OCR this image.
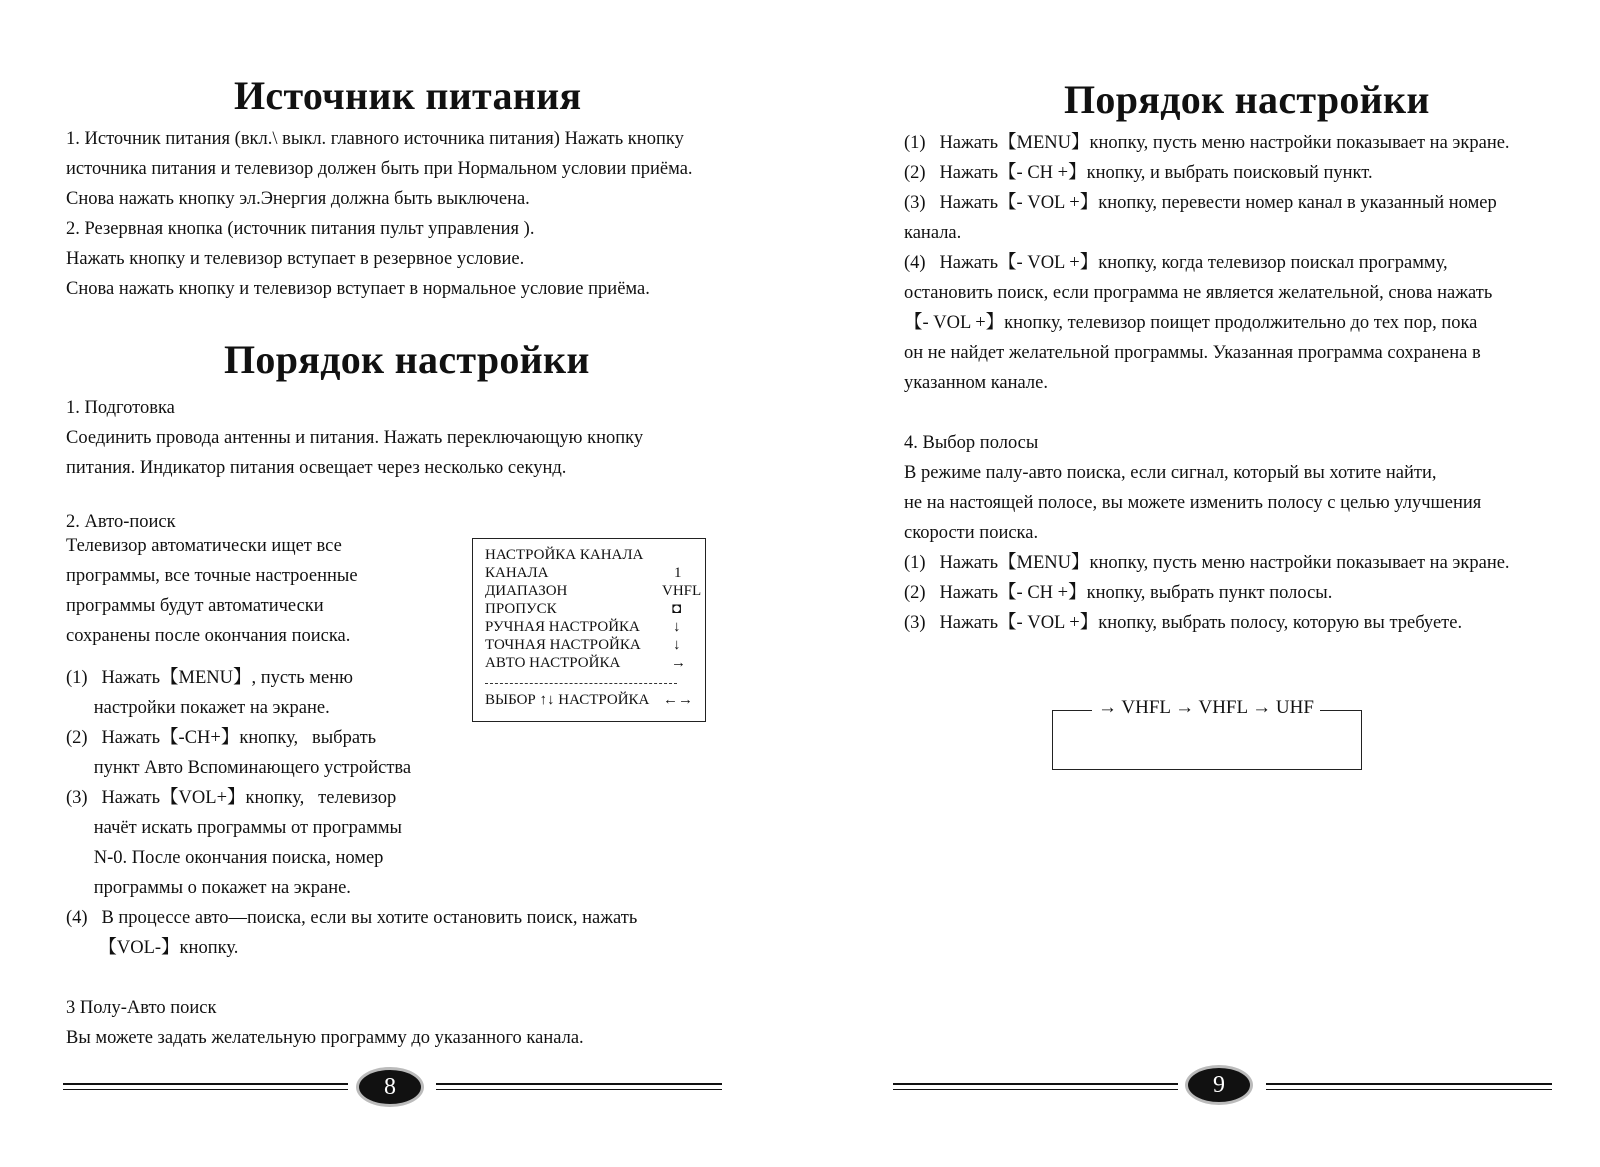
Источник питания
1. Источник питания (вкл.\ выкл. главного источника питания) Нажать кнопку
источника питания и телевизор должен быть при Нормальном условии приёма.
Снова нажать кнопку эл.Энергия должна быть выключена.
2. Резервная кнопка (источник питания пульт управления ).
Нажать кнопку и телевизор вступает в резервное условие.
Снова нажать кнопку и телевизор вступает в нормальное условие приёма.
Порядок настройки
1. Подготовка
Соединить провода антенны и питания. Нажать переключающую кнопку
питания. Индикатор питания освещает через несколько секунд.
2. Авто-поиск
Телевизор автоматически ищет все
программы, все точные настроенные
программы будут автоматически
сохранены после окончания поиска.
(1)   Нажать【MENU】, пусть меню
настройки покажет на экране.
(2)   Нажать【-CH+】кнопку,   выбрать
пункт Авто Вспоминающего устройства
(3)   Нажать【VOL+】кнопку,   телевизор
начёт искать программы от программы
N-0. После окончания поиска, номер
программы о покажет на экране.
(4)   В процессе авто—поиска, если вы хотите остановить поиск, нажать
【VOL-】кнопку.
НАСТРОЙКА КАНАЛА
КАНАЛА	1
ДИАПАЗОН	VHFL
ПРОПУСК	◘
РУЧНАЯ НАСТРОЙКА ↓
ТОЧНАЯ НАСТРОЙКА ↓
АВТО НАСТРОЙКА	→
ВЫБОР ↑↓ НАСТРОЙКА ←→
3 Полу-Авто поиск
Вы можете задать желательную программу до указанного канала.
8
Порядок настройки
(1)   Нажать【MENU】кнопку, пусть меню настройки показывает на экране.
(2)   Нажать【- CH +】кнопку, и выбрать поисковый пункт.
(3)   Нажать【- VOL +】кнопку, перевести номер канал в указанный номер
канала.
(4)   Нажать【- VOL +】кнопку, когда телевизор поискал программу,
остановить поиск, если программа не является желательной, снова нажать
【- VOL +】кнопку, телевизор поищет продолжительно до тех пор, пока
он не найдет желательной программы. Указанная программа сохранена в
указанном канале.
4. Выбор полосы
В режиме палу-авто поиска, если сигнал, который вы хотите найти,
не на настоящей полосе, вы можете изменить полосу с целью улучшения
скорости поиска.
(1)   Нажать【MENU】кнопку, пусть меню настройки показывает на экране.
(2)   Нажать【- CH +】кнопку, выбрать пункт полосы.
(3)   Нажать【- VOL +】кнопку, выбрать полосу, которую вы требуете.
→ VHFL → VHFL → UHF
9
